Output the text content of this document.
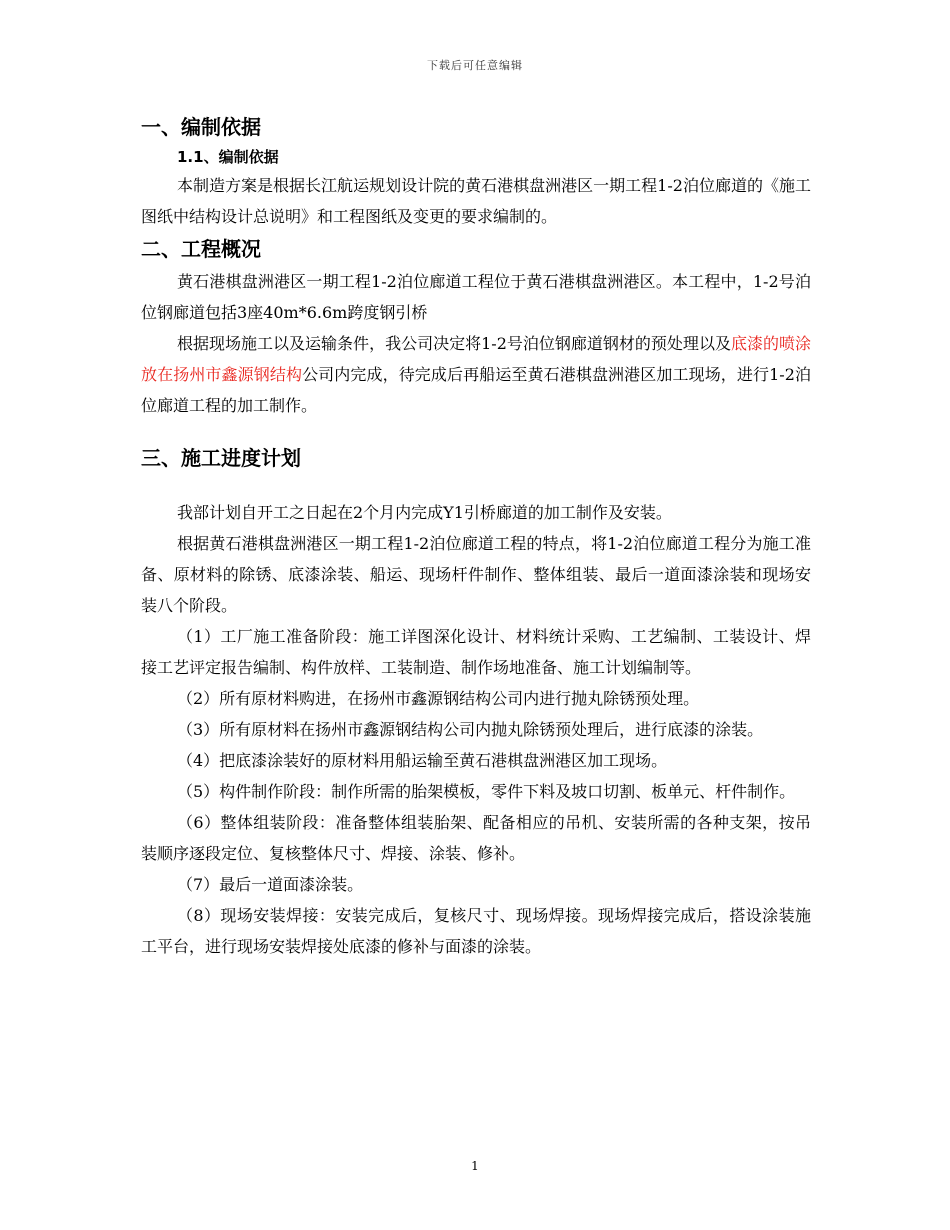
下载后可任意编辑
一、编制依据
1.1、编制依据

本制造方案是根据长江航运规划设计院的黄石港棋盘洲港区一期工程1-2泊位廊道的《施工图纸中结构设计总说明》和工程图纸及变更的要求编制的。

二、工程概况

黄石港棋盘洲港区一期工程1-2泊位廊道工程位于黄石港棋盘洲港区。本工程中，1-2号泊位钢廊道包括3座40m*6.6m跨度钢引桥

根据现场施工以及运输条件，我公司决定将1-2号泊位钢廊道钢材的预处理以及底漆的喷涂放在扬州市鑫源钢结构公司内完成，待完成后再船运至黄石港棋盘洲港区加工现场，进行1-2泊位廊道工程的加工制作。

三、施工进度计划

我部计划自开工之日起在2个月内完成Y1引桥廊道的加工制作及安装。

根据黄石港棋盘洲港区一期工程1-2泊位廊道工程的特点，将1-2泊位廊道工程分为施工准备、原材料的除锈、底漆涂装、船运、现场杆件制作、整体组装、最后一道面漆涂装和现场安装八个阶段。

（1）工厂施工准备阶段：施工详图深化设计、材料统计采购、工艺编制、工装设计、焊接工艺评定报告编制、构件放样、工装制造、制作场地准备、施工计划编制等。

（2）所有原材料购进，在扬州市鑫源钢结构公司内进行抛丸除锈预处理。

（3）所有原材料在扬州市鑫源钢结构公司内抛丸除锈预处理后，进行底漆的涂装。

（4）把底漆涂装好的原材料用船运输至黄石港棋盘洲港区加工现场。

（5）构件制作阶段：制作所需的胎架模板，零件下料及坡口切割、板单元、杆件制作。

（6）整体组装阶段：准备整体组装胎架、配备相应的吊机、安装所需的各种支架，按吊装顺序逐段定位、复核整体尺寸、焊接、涂装、修补。

（7）最后一道面漆涂装。

（8）现场安装焊接：安装完成后，复核尺寸、现场焊接。现场焊接完成后，搭设涂装施工平台，进行现场安装焊接处底漆的修补与面漆的涂装。

1
